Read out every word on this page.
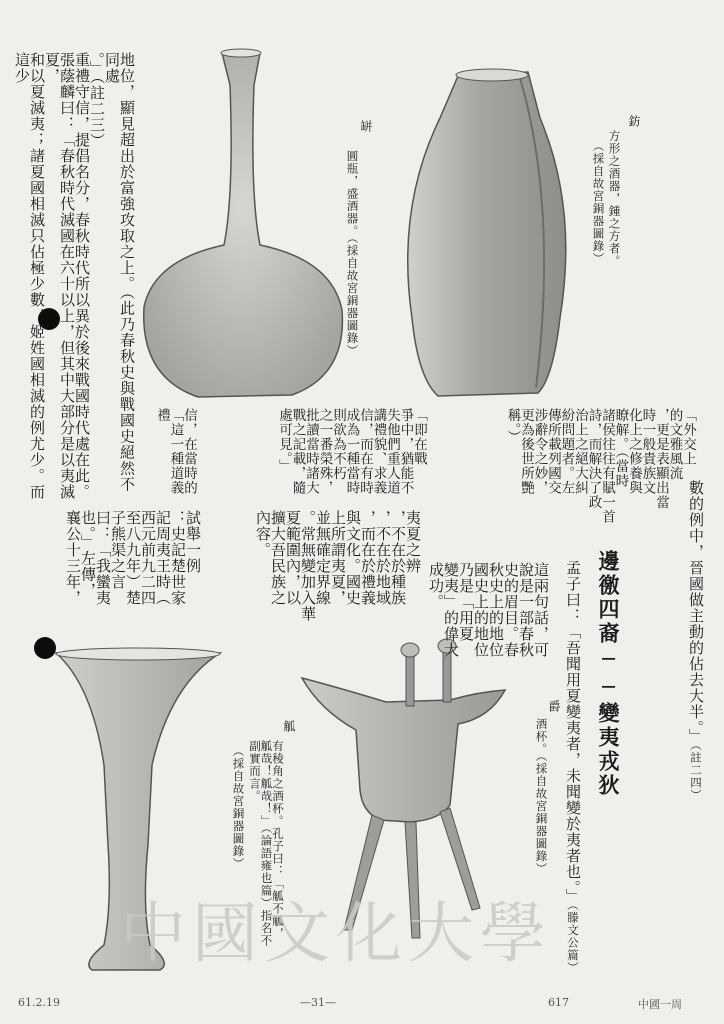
數的例中，晉國做主動的佔去大半。」（註二四）
邊徼四裔──變夷戎狄
孟子曰：「吾聞用夏變夷者，未聞變於夷者也。」（滕文公篇）
這兩句話，可
說是一部春秋
史的眉目。春
秋史上的地位
國史上的地位
乃是「用夏
變夷」的偉大
成功。
夷夏之辨
，不在於種族
，不在於地域
，而在於禮義
與文化。國史
上所謂夷夏，
並無確定界線
。常無變加入華
夏範圍內，以
擴大吾民族之
內容。
試舉一例
：史記楚世家
記周夷王時（
西元前九二四
至八九年）楚
子熊渠之言
曰：「我蠻夷
也。」左傳，
襄公十三年，
「外交上
的文雅風流
，更是表顯出當
時一般貴族文
化上之修養與
瞭解。（當時
諸侯往往有賦一首
詩，而解決了政
治上之絕大糾
紛問題者。左
傳所載列國交
涉辭令之妙，
更為後世所艷
稱。）
「即在戰
爭中，猶能不
失他們重人道
講禮貌、求義
信，而在有時
成為一種當時
則欲為不朽
之一番榮殊，
批讀當時諸大
戰之記載，隨
處可見。」
信，在當時的
「這一種道義
禮
地位，顯見超出於富強攻取之上。（此乃春秋史與戰國史絕然不同處
。」（註二三）
重禮守信，提倡名分，春秋時代所以異於後來戰國時代處在此。
張蔭麟曰：「春秋時代滅國在六十以上，但其中大部分是以夷滅夏，
和以夏滅夷；諸夏國相滅只佔極少數，姬姓國相滅的例尤少。而這少
鈁
方形之酒器，鍾之方者。
（採自故宮銅器圖錄）
缾
圓瓶，盛酒器。（採自故宮銅器圖錄）
爵
酒杯。（採自故宮銅器圖錄）
觚
有稜角之酒杯。孔子曰：「觚不觚，觚哉！觚哉！」（論語雍也篇）指名不副實而言。
（採自故宮銅器圖錄）
中國文化大學
61.2.19	—31—	617	中國一周
